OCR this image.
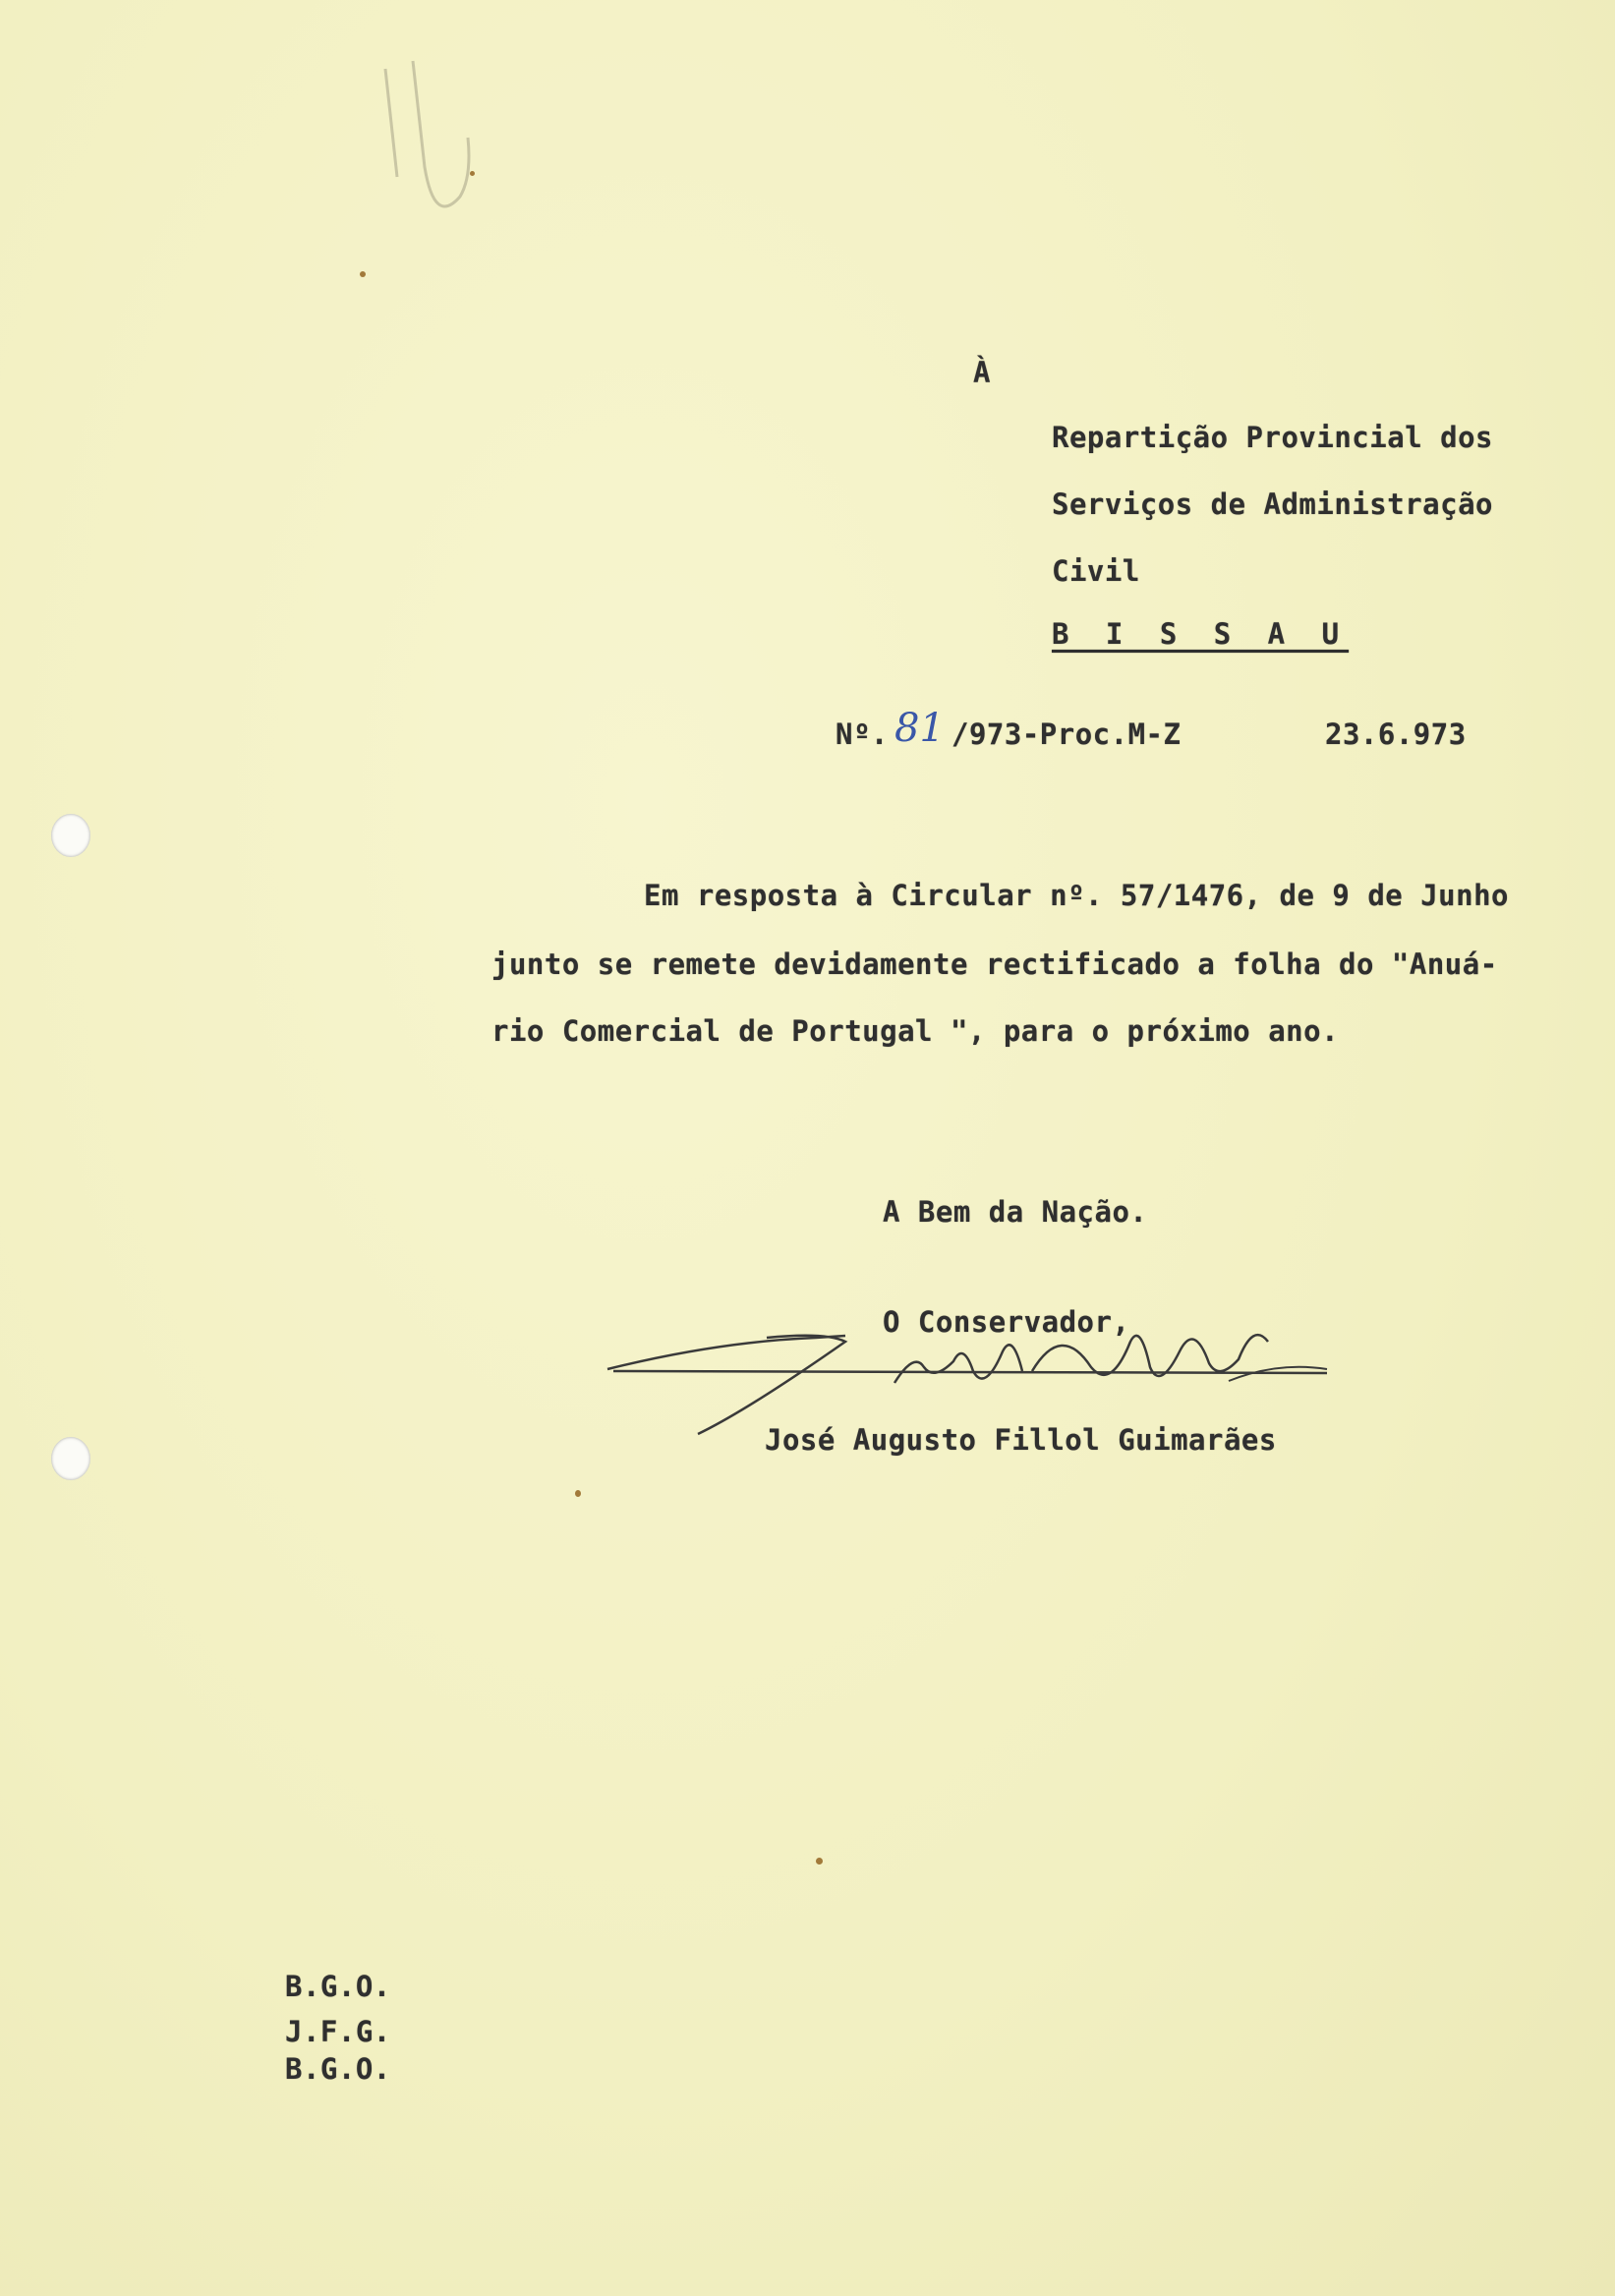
À
Repartição Provincial dos
Serviços de Administração
Civil
B I S S A U
Nº. 81 /973-Proc.M-Z	23.6.973
Em resposta à Circular nº. 57/1476, de 9 de Junho
junto se remete devidamente rectificado a folha do "Anuá-
rio Comercial de Portugal ", para o próximo ano.
A Bem da Nação.
O Conservador,
José Augusto Fillol Guimarães
B.G.O.
J.F.G.
B.G.O.
